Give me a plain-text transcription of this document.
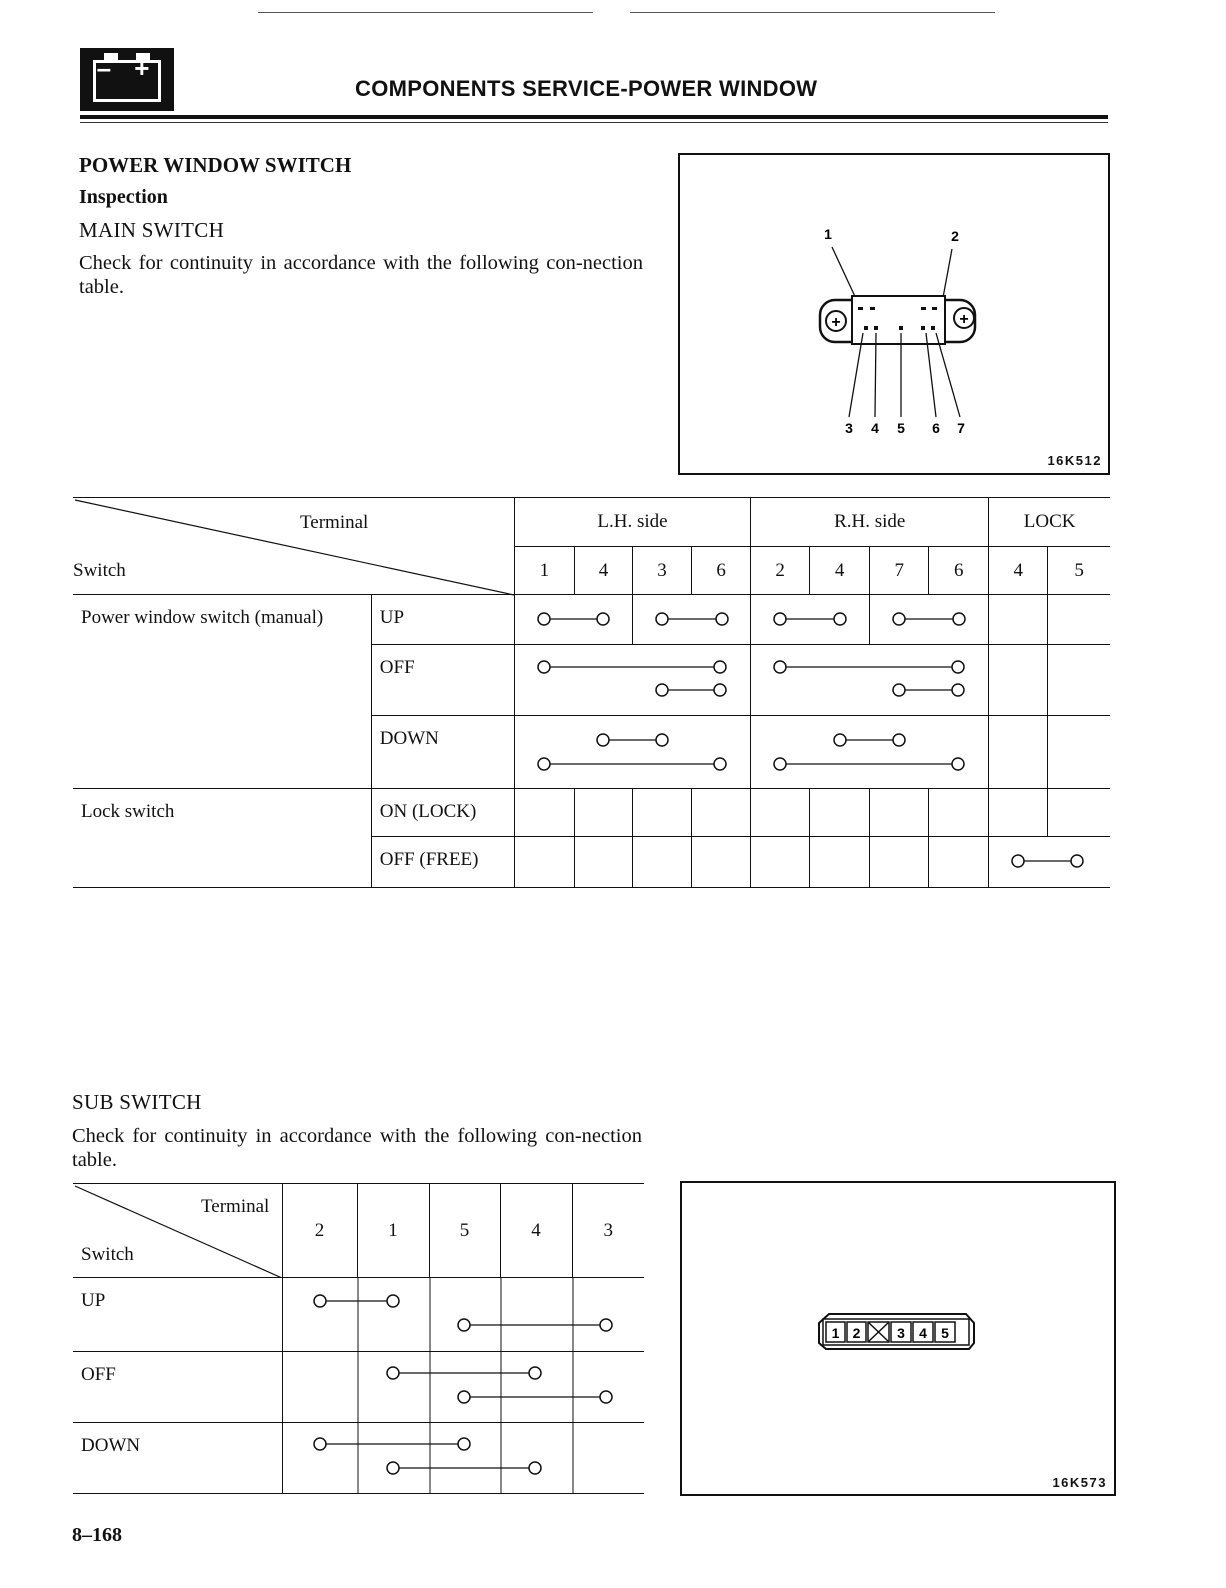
– +
COMPONENTS SERVICE-POWER WINDOW
POWER WINDOW SWITCH
Inspection
MAIN SWITCH
Check for continuity in accordance with the following con-nection table.
1	2
+	+
3 4 5 6 7
16K512
Terminal
Switch		L.H. side				R.H. side				LOCK	
		1	4	3	6	2	4	7	6	4	5
Power window switch (manual)	UP	

	OFF	

	DOWN	

Lock switch	ON (LOCK)										
	OFF (FREE)									
SUB SWITCH
Check for continuity in accordance with the following con-nection table.
Terminal
Switch	2	1	5	4	3
UP	

OFF	

DOWN	
1 2	3 4 5
16K573
8–168
